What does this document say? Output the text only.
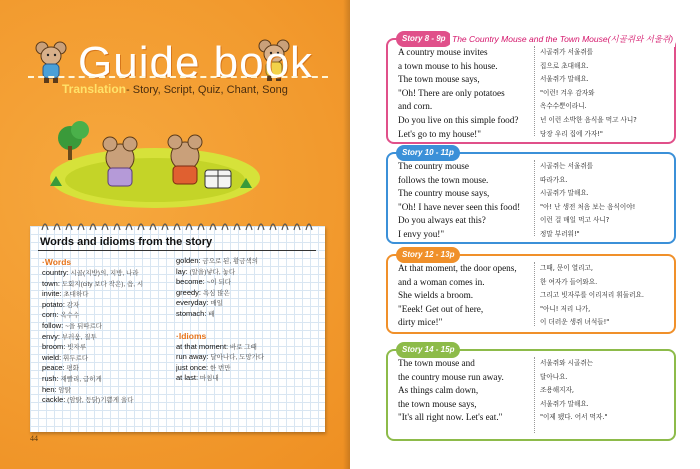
Guide book
Translation- Story, Script, Quiz, Chant, Song
Words and idioms from the story
·Words
country: 시골(지방)의, 지방, 나라
town: 도회지(city 보다 작은), 읍, 시
invite: 초대하다
potato: 감자
corn: 옥수수
follow: ~을 뒤따르다
envy: 부러움, 질투
broom: 빗자루
wield: 휘두르다
peace: 평화
rush: 재빨리, 급히게
hen: 암탉
cackle: (암탉, 등닭)기쁨게 울다
golden: 금으로 된, 황금색의
lay: (알을)낳다, 놓다
become: ~이 되다
greedy: 욕심 많은
everyday: 매일
stomach: 배
·Idioms
at that moment: 바로 그때
run away: 달아나다, 도망가다
just once: 한 번만
at last: 마침내
44
Story 8 - 9p The Country Mouse and the Town Mouse(시골쥐와 서울쥐)
A country mouse invites
a town mouse to his house.
The town mouse says,
"Oh! There are only potatoes
and corn.
Do you live on this simple food?
Let's go to my house!"
시골쥐가 서울쥐를
집으로 초대해요.
서울쥐가 말해요.
"이런! 겨우 감자와
옥수수뿐이라니.
넌 이런 소박한 음식을 먹고 사니?
당장 우리 집에 가자!"
Story 10 - 11p
The country mouse
follows the town mouse.
The country mouse says,
"Oh! I have never seen this food!
Do you always eat this?
I envy you!"
시골쥐는 서울쥐를
따라가요.
시골쥐가 말해요.
"아! 난 생전 처음 보는 음식이야!
이런 걸 매일 먹고 사니?
정말 부러워!"
Story 12 - 13p
At that moment, the door opens,
and a woman comes in.
She wields a broom.
"Eeek! Get out of here,
dirty mice!"
그때, 문이 열리고,
한 여자가 들어와요.
그리고 빗자루를 이리저리 휘둘러요.
"아니! 저리 나가,
이 더러운 생쥐 녀석들!"
Story 14 - 15p
The town mouse and
the country mouse run away.
As things calm down,
the town mouse says,
"It's all right now. Let's eat."
서울쥐와 시골쥐는
달아나요.
조용해지자,
서울쥐가 말해요.
"이제 됐다. 어서 먹자."
